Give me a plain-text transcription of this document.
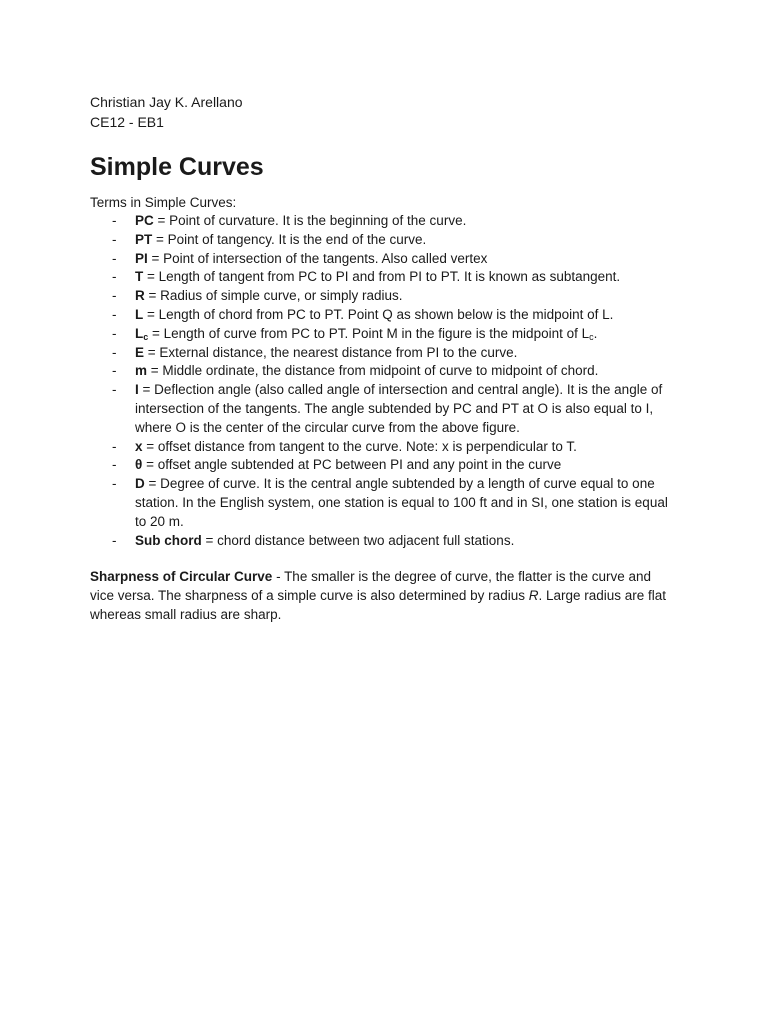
Christian Jay K. Arellano

CE12 - EB1

Simple Curves

Terms in Simple Curves:

- PC = Point of curvature. It is the beginning of the curve.
- PT = Point of tangency. It is the end of the curve.
- PI = Point of intersection of the tangents. Also called vertex
- T = Length of tangent from PC to PI and from PI to PT. It is known as subtangent.
- R = Radius of simple curve, or simply radius.
- L = Length of chord from PC to PT. Point Q as shown below is the midpoint of L.
- $L_c$ = Length of curve from PC to PT. Point M in the figure is the midpoint of $L_c$.
- E = External distance, the nearest distance from PI to the curve.
- m = Middle ordinate, the distance from midpoint of curve to midpoint of chord.
- I = Deflection angle (also called angle of intersection and central angle). It is the angle of intersection of the tangents. The angle subtended by PC and PT at O is also equal to I, where O is the center of the circular curve from the above figure.
- x = offset distance from tangent to the curve. Note: x is perpendicular to T.
- θ = offset angle subtended at PC between PI and any point in the curve
- D = Degree of curve. It is the central angle subtended by a length of curve equal to one station. In the English system, one station is equal to 100 ft and in SI, one station is equal to 20 m.
- Sub chord = chord distance between two adjacent full stations.

Sharpness of Circular Curve - The smaller is the degree of curve, the flatter is the curve and vice versa. The sharpness of a simple curve is also determined by radius R. Large radius are flat whereas small radius are sharp.
